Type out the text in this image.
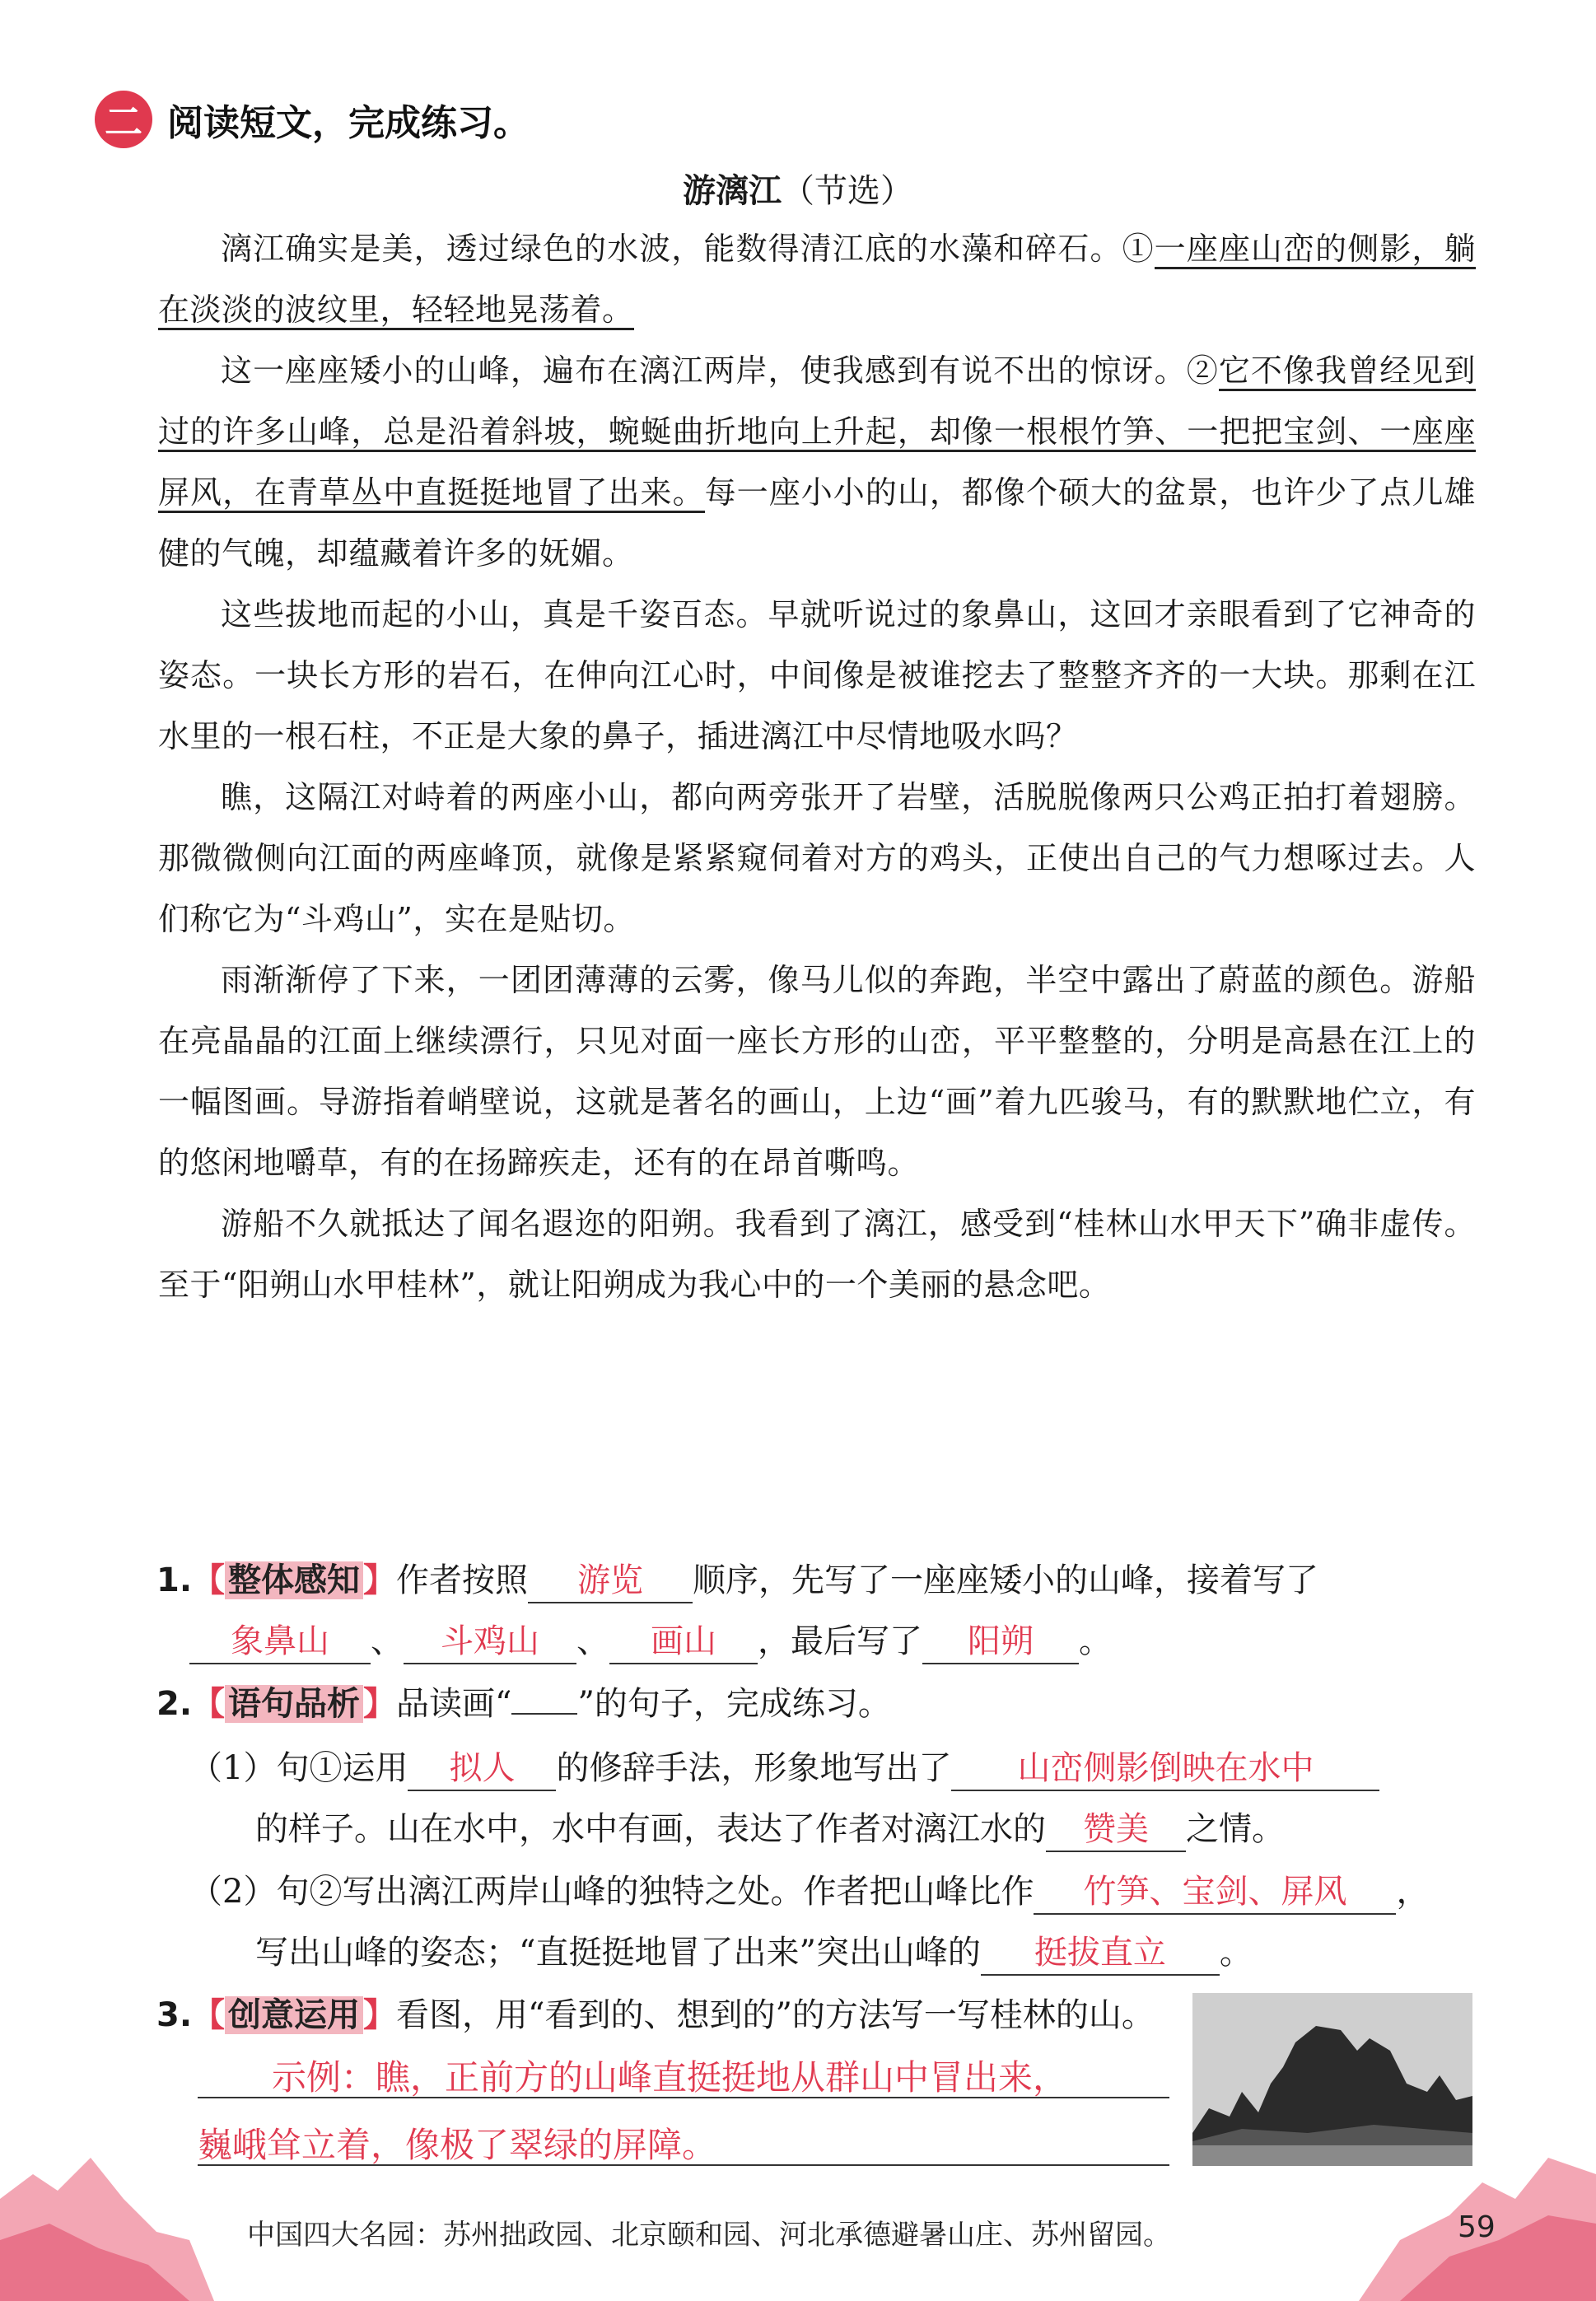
二 阅读短文，完成练习。
游漓江（节选）

漓江确实是美，透过绿色的水波，能数得清江底的水藻和碎石。①一座座山峦的侧影，躺在淡淡的波纹里，轻轻地晃荡着。

这一座座矮小的山峰，遍布在漓江两岸，使我感到有说不出的惊讶。②它不像我曾经见到过的许多山峰，总是沿着斜坡，蜿蜒曲折地向上升起，却像一根根竹笋、一把把宝剑、一座座屏风，在青草丛中直挺挺地冒了出来。每一座小小的山，都像个硕大的盆景，也许少了点儿雄健的气魄，却蕴藏着许多的妩媚。

这些拔地而起的小山，真是千姿百态。早就听说过的象鼻山，这回才亲眼看到了它神奇的姿态。一块长方形的岩石，在伸向江心时，中间像是被谁挖去了整整齐齐的一大块。那剩在江水里的一根石柱，不正是大象的鼻子，插进漓江中尽情地吸水吗？

瞧，这隔江对峙着的两座小山，都向两旁张开了岩壁，活脱脱像两只公鸡正拍打着翅膀。那微微侧向江面的两座峰顶，就像是紧紧窥伺着对方的鸡头，正使出自己的气力想啄过去。人们称它为“斗鸡山”，实在是贴切。

雨渐渐停了下来，一团团薄薄的云雾，像马儿似的奔跑，半空中露出了蔚蓝的颜色。游船在亮晶晶的江面上继续漂行，只见对面一座长方形的山峦，平平整整的，分明是高悬在江上的一幅图画。导游指着峭壁说，这就是著名的画山，上边“画”着九匹骏马，有的默默地伫立，有的悠闲地嚼草，有的在扬蹄疾走，还有的在昂首嘶鸣。

游船不久就抵达了闻名遐迩的阳朔。我看到了漓江，感受到“桂林山水甲天下”确非虚传。至于“阳朔山水甲桂林”，就让阳朔成为我心中的一个美丽的悬念吧。

1.【 整体感知 】作者按照 游览 顺序，先写了一座座矮小的山峰，接着写了
象鼻山 、 斗鸡山 、 画山 ，最后写了 阳朔 。
2.【 语句品析 】品读画“ ”的句子，完成练习。
（1）句①运用 拟人 的修辞手法，形象地写出了 山峦侧影倒映在水中
的样子。山在水中，水中有画，表达了作者对漓江水的 赞美 之情。
（2）句②写出漓江两岸山峰的独特之处。作者把山峰比作 竹笋、宝剑、屏风 ，
写出山峰的姿态；“直挺挺地冒了出来”突出山峰的 挺拔直立 。
3.【 创意运用 】看图，用“看到的、想到的”的方法写一写桂林的山。
示例：瞧，正前方的山峰直挺挺地从群山中冒出来，
巍峨耸立着，像极了翠绿的屏障。
中国四大名园：苏州拙政园、北京颐和园、河北承德避暑山庄、苏州留园。	59
